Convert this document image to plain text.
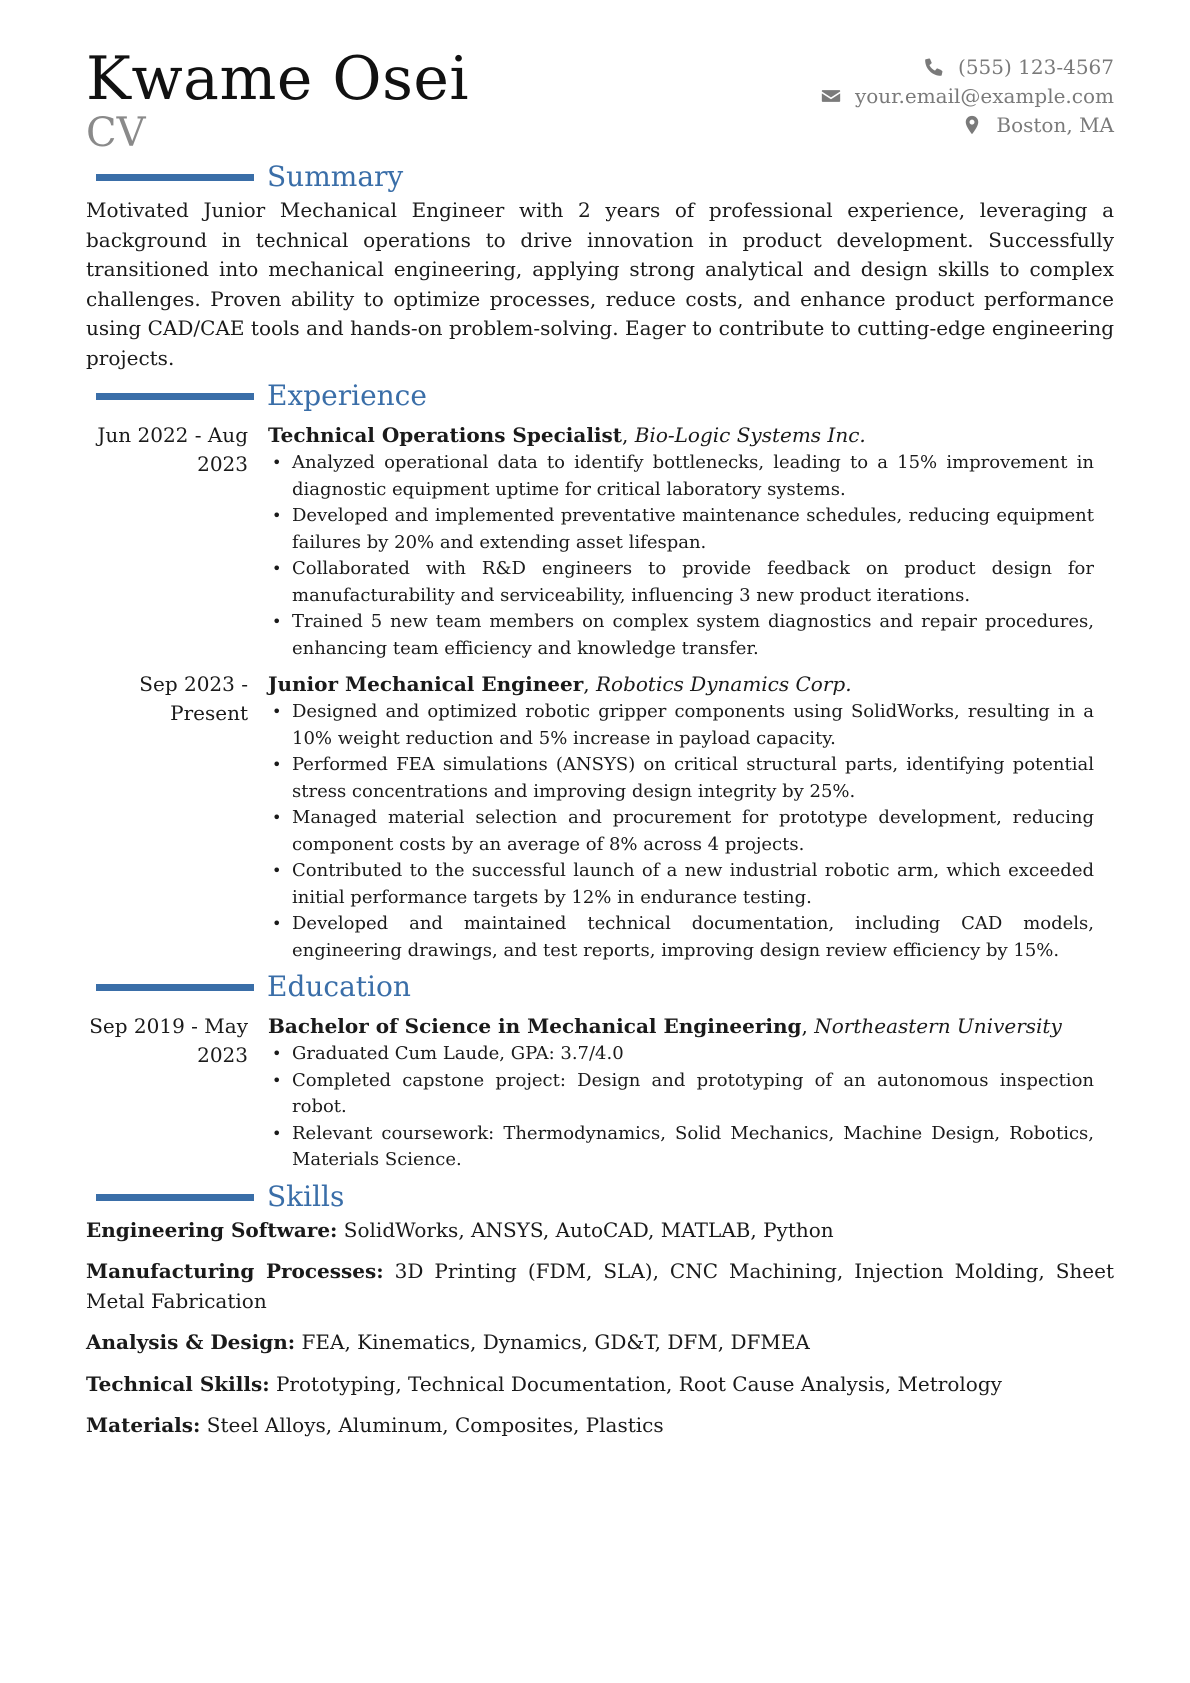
Kwame Osei
CV
(555) 123-4567
your.email@example.com
Boston, MA
Summary
Motivated Junior Mechanical Engineer with 2 years of professional experience, leveraging a background in technical operations to drive innovation in product development. Successfully transitioned into mechanical engineering, applying strong analytical and design skills to complex challenges. Proven ability to optimize processes, reduce costs, and enhance product performance using CAD/CAE tools and hands-on problem-solving. Eager to contribute to cutting-edge engineering projects.
Experience
Jun 2022 - Aug 2023
Technical Operations Specialist, Bio-Logic Systems Inc.
• Analyzed operational data to identify bottlenecks, leading to a 15% improvement in diagnostic equipment uptime for critical laboratory systems.
• Developed and implemented preventative maintenance schedules, reducing equipment failures by 20% and extending asset lifespan.
• Collaborated with R&D engineers to provide feedback on product design for manufacturability and serviceability, influencing 3 new product iterations.
• Trained 5 new team members on complex system diagnostics and repair procedures, enhancing team efficiency and knowledge transfer.
Sep 2023 - Present
Junior Mechanical Engineer, Robotics Dynamics Corp.
• Designed and optimized robotic gripper components using SolidWorks, resulting in a 10% weight reduction and 5% increase in payload capacity.
• Performed FEA simulations (ANSYS) on critical structural parts, identifying potential stress concentrations and improving design integrity by 25%.
• Managed material selection and procurement for prototype development, reducing component costs by an average of 8% across 4 projects.
• Contributed to the successful launch of a new industrial robotic arm, which exceeded initial performance targets by 12% in endurance testing.
• Developed and maintained technical documentation, including CAD models, engineering drawings, and test reports, improving design review efficiency by 15%.
Education
Sep 2019 - May 2023
Bachelor of Science in Mechanical Engineering, Northeastern University
• Graduated Cum Laude, GPA: 3.7/4.0
• Completed capstone project: Design and prototyping of an autonomous inspection robot.
• Relevant coursework: Thermodynamics, Solid Mechanics, Machine Design, Robotics, Materials Science.
Skills
Engineering Software: SolidWorks, ANSYS, AutoCAD, MATLAB, Python
Manufacturing Processes: 3D Printing (FDM, SLA), CNC Machining, Injection Molding, Sheet Metal Fabrication
Analysis & Design: FEA, Kinematics, Dynamics, GD&T, DFM, DFMEA
Technical Skills: Prototyping, Technical Documentation, Root Cause Analysis, Metrology
Materials: Steel Alloys, Aluminum, Composites, Plastics
